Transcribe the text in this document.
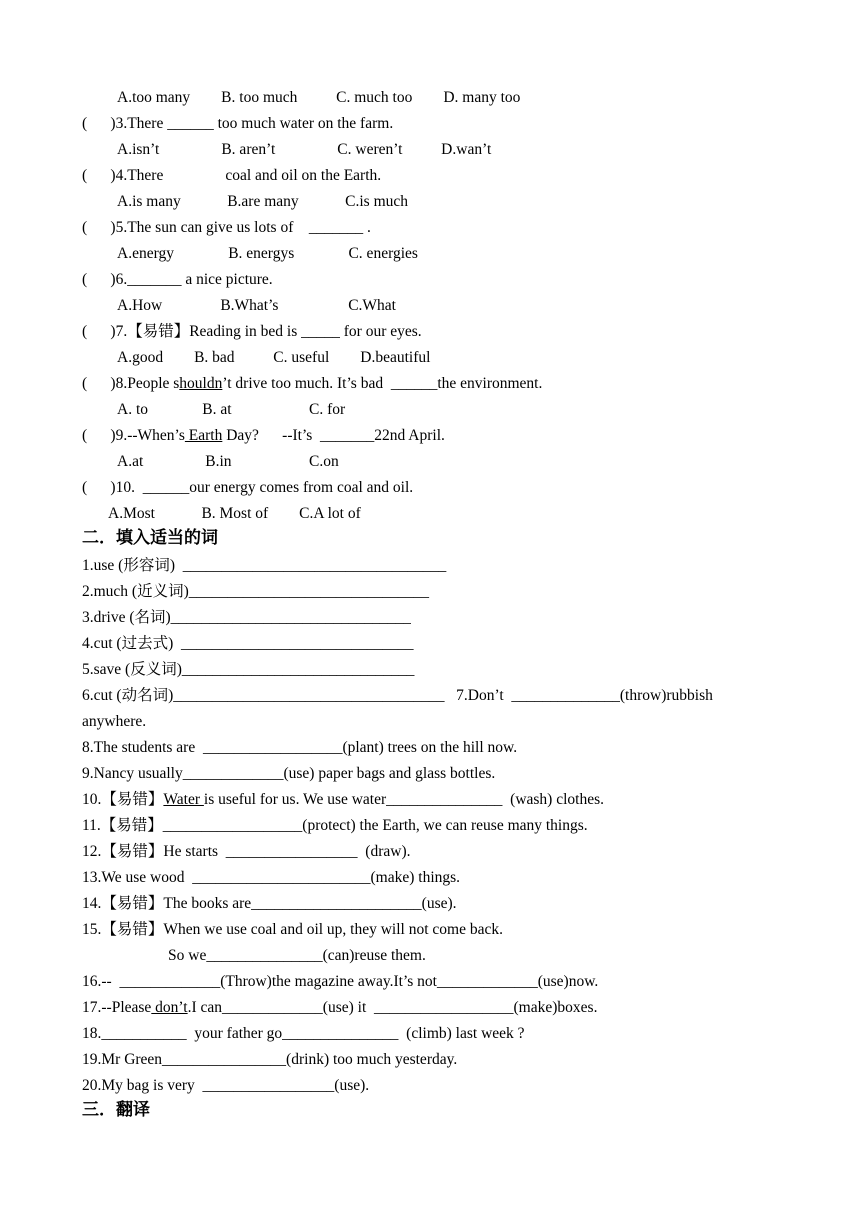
A.too many        B. too much          C. much too        D. many too
(      )3.There ______ too much water on the farm.
A.isn’t                B. aren’t                C. weren’t          D.wan’t
(      )4.There                coal and oil on the Earth.
A.is many            B.are many            C.is much
(      )5.The sun can give us lots of    _______ .
A.energy              B. energys              C. energies
(      )6._______ a nice picture.
A.How               B.What’s                  C.What
(      )7.【易错】Reading in bed is _____ for our eyes.
A.good        B. bad          C. useful        D.beautiful
(      )8.People shouldn’t drive too much. It’s bad  ______the environment.
A. to              B. at                    C. for
(      )9.--When’s Earth Day?      --It’s  _______22nd April.
A.at                B.in                    C.on
(      )10.  ______our energy comes from coal and oil.
A.Most            B. Most of        C.A lot of
二．填入适当的词
1.use (形容词)  __________________________________
2.much (近义词)_______________________________
3.drive (名词)_______________________________
4.cut (过去式)  ______________________________
5.save (反义词)______________________________
6.cut (动名词)___________________________________   7.Don’t  ______________(throw)rubbish
anywhere.
8.The students are  __________________(plant) trees on the hill now.
9.Nancy usually_____________(use) paper bags and glass bottles.
10.【易错】Water is useful for us. We use water_______________  (wash) clothes.
11.【易错】__________________(protect) the Earth, we can reuse many things.
12.【易错】He starts  _________________  (draw).
13.We use wood  _______________________(make) things.
14.【易错】The books are______________________(use).
15.【易错】When we use coal and oil up, they will not come back.
So we_______________(can)reuse them.
16.--  _____________(Throw)the magazine away.It’s not_____________(use)now.
17.--Please don’t.I can_____________(use) it  __________________(make)boxes.
18.___________  your father go_______________  (climb) last week ?
19.Mr Green________________(drink) too much yesterday.
20.My bag is very  _________________(use).
三．翻译
